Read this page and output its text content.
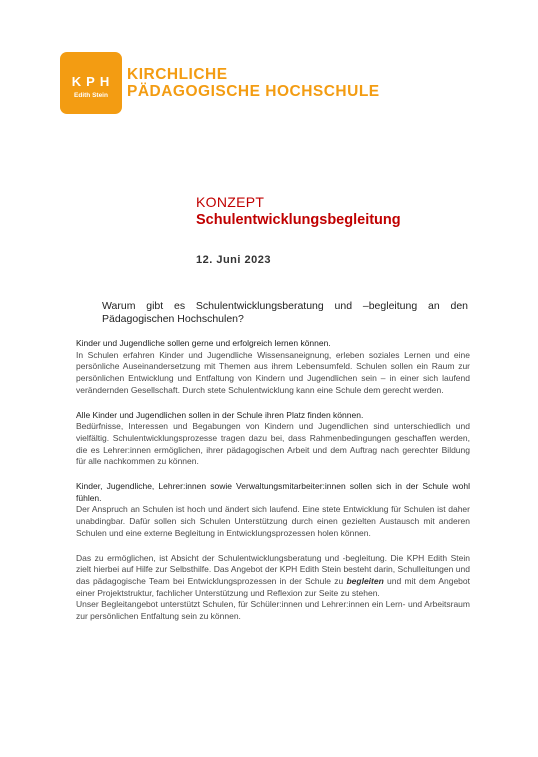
KPH
Edith Stein
KIRCHLICHE
PÄDAGOGISCHE HOCHSCHULE
KONZEPT
Schulentwicklungsbegleitung
12. Juni 2023
Warum gibt es Schulentwicklungsberatung und –begleitung an den Pädagogischen Hochschulen?

Kinder und Jugendliche sollen gerne und erfolgreich lernen können.

In Schulen erfahren Kinder und Jugendliche Wissensaneignung, erleben soziales Lernen und eine persönliche Auseinandersetzung mit Themen aus ihrem Lebensumfeld. Schulen sollen ein Raum zur persönlichen Entwicklung und Entfaltung von Kindern und Jugendlichen sein – in einer sich laufend verändernden Gesellschaft. Durch stete Schulentwicklung kann eine Schule dem gerecht werden.

Alle Kinder und Jugendlichen sollen in der Schule ihren Platz finden können.

Bedürfnisse, Interessen und Begabungen von Kindern und Jugendlichen sind unterschiedlich und vielfältig. Schulentwicklungsprozesse tragen dazu bei, dass Rahmenbedingungen geschaffen werden, die es Lehrer:innen ermöglichen, ihrer pädagogischen Arbeit und dem Auftrag nach gerechter Bildung für alle nachkommen zu können.

Kinder, Jugendliche, Lehrer:innen sowie Verwaltungsmitarbeiter:innen sollen sich in der Schule wohl fühlen.

Der Anspruch an Schulen ist hoch und ändert sich laufend. Eine stete Entwicklung für Schulen ist daher unabdingbar. Dafür sollen sich Schulen Unterstützung durch einen gezielten Austausch mit anderen Schulen und eine externe Begleitung in Entwicklungsprozessen holen können.

Das zu ermöglichen, ist Absicht der Schulentwicklungsberatung und -begleitung. Die KPH Edith Stein zielt hierbei auf Hilfe zur Selbsthilfe. Das Angebot der KPH Edith Stein besteht darin, Schulleitungen und das pädagogische Team bei Entwicklungsprozessen in der Schule zu begleiten und mit dem Angebot einer Projektstruktur, fachlicher Unterstützung und Reflexion zur Seite zu stehen.

Unser Begleitangebot unterstützt Schulen, für Schüler:innen und Lehrer:innen ein Lern- und Arbeitsraum zur persönlichen Entfaltung sein zu können.
